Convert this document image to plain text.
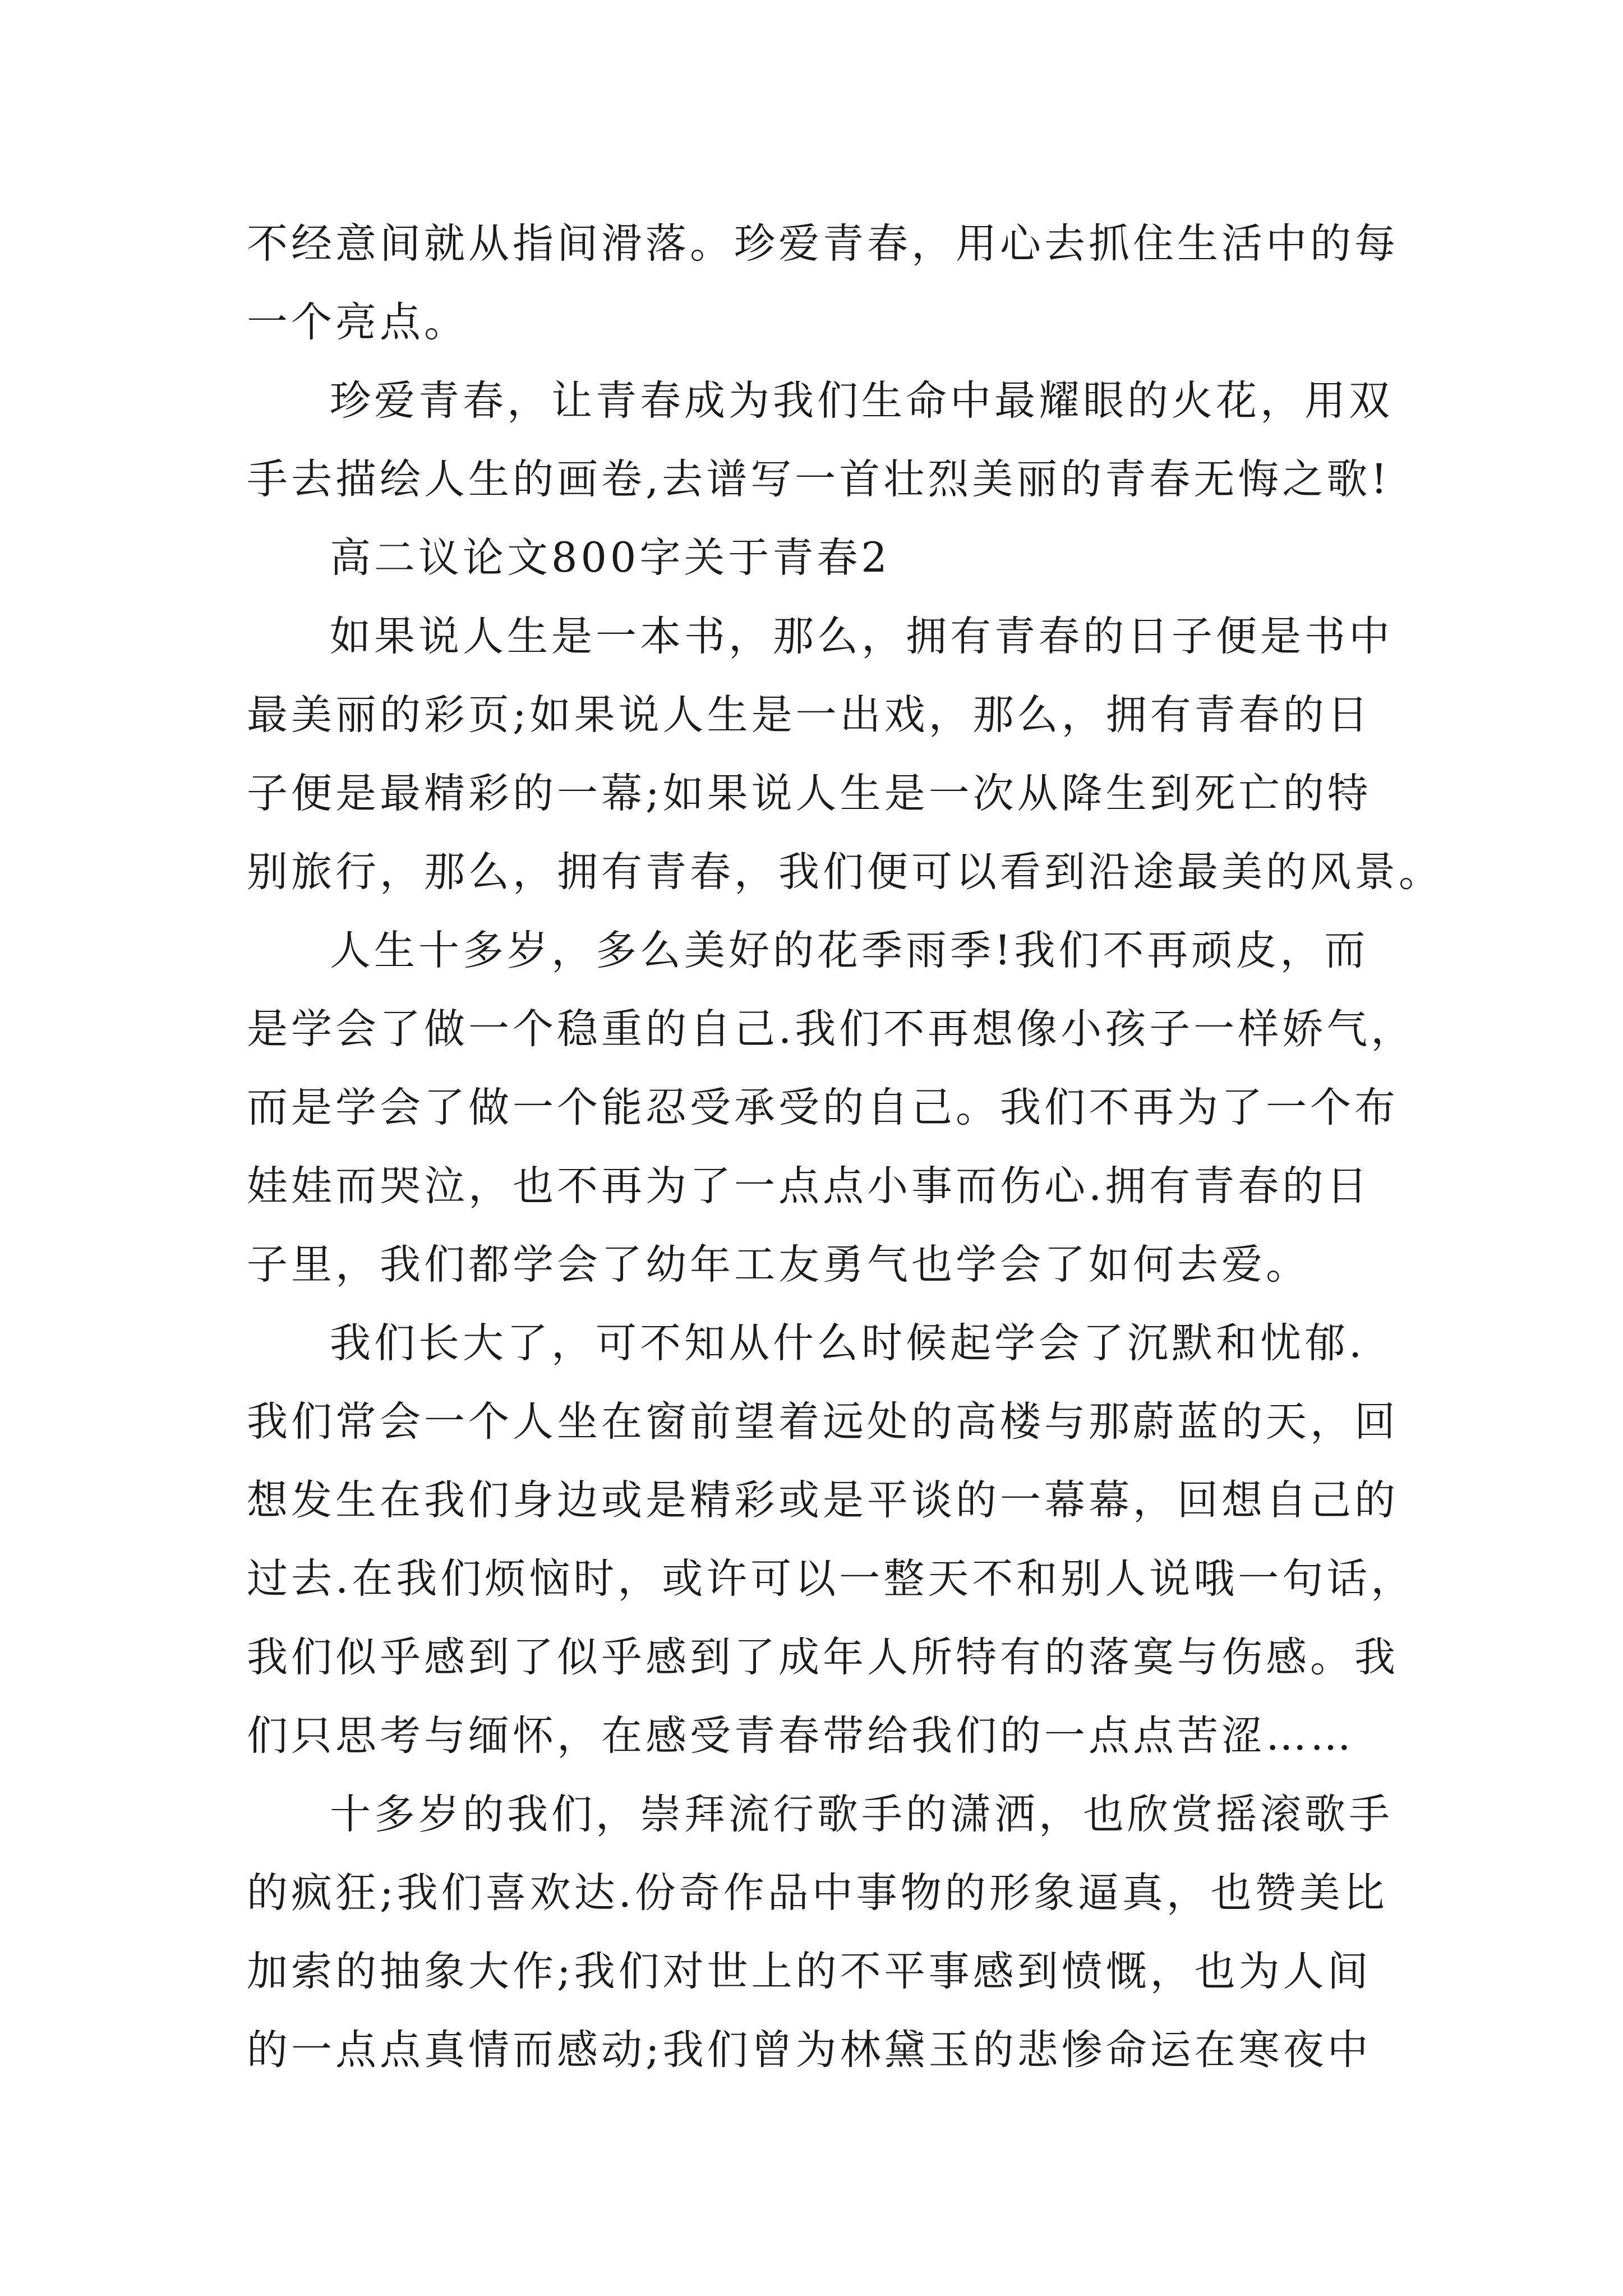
不经意间就从指间滑落。珍爱青春，用心去抓住生活中的每
一个亮点。
珍爱青春，让青春成为我们生命中最耀眼的火花，用双
手去描绘人生的画卷,去谱写一首壮烈美丽的青春无悔之歌!
高二议论文800字关于青春2
如果说人生是一本书，那么，拥有青春的日子便是书中
最美丽的彩页;如果说人生是一出戏，那么，拥有青春的日
子便是最精彩的一幕;如果说人生是一次从降生到死亡的特
别旅行，那么，拥有青春，我们便可以看到沿途最美的风景。
人生十多岁，多么美好的花季雨季!我们不再顽皮，而
是学会了做一个稳重的自己.我们不再想像小孩子一样娇气，
而是学会了做一个能忍受承受的自己。我们不再为了一个布
娃娃而哭泣，也不再为了一点点小事而伤心.拥有青春的日
子里，我们都学会了幼年工友勇气也学会了如何去爱。
我们长大了，可不知从什么时候起学会了沉默和忧郁.
我们常会一个人坐在窗前望着远处的高楼与那蔚蓝的天，回
想发生在我们身边或是精彩或是平谈的一幕幕，回想自己的
过去.在我们烦恼时，或许可以一整天不和别人说哦一句话，
我们似乎感到了似乎感到了成年人所特有的落寞与伤感。我
们只思考与缅怀，在感受青春带给我们的一点点苦涩……
十多岁的我们，崇拜流行歌手的潇洒，也欣赏摇滚歌手
的疯狂;我们喜欢达.份奇作品中事物的形象逼真，也赞美比
加索的抽象大作;我们对世上的不平事感到愤慨，也为人间
的一点点真情而感动;我们曾为林黛玉的悲惨命运在寒夜中
